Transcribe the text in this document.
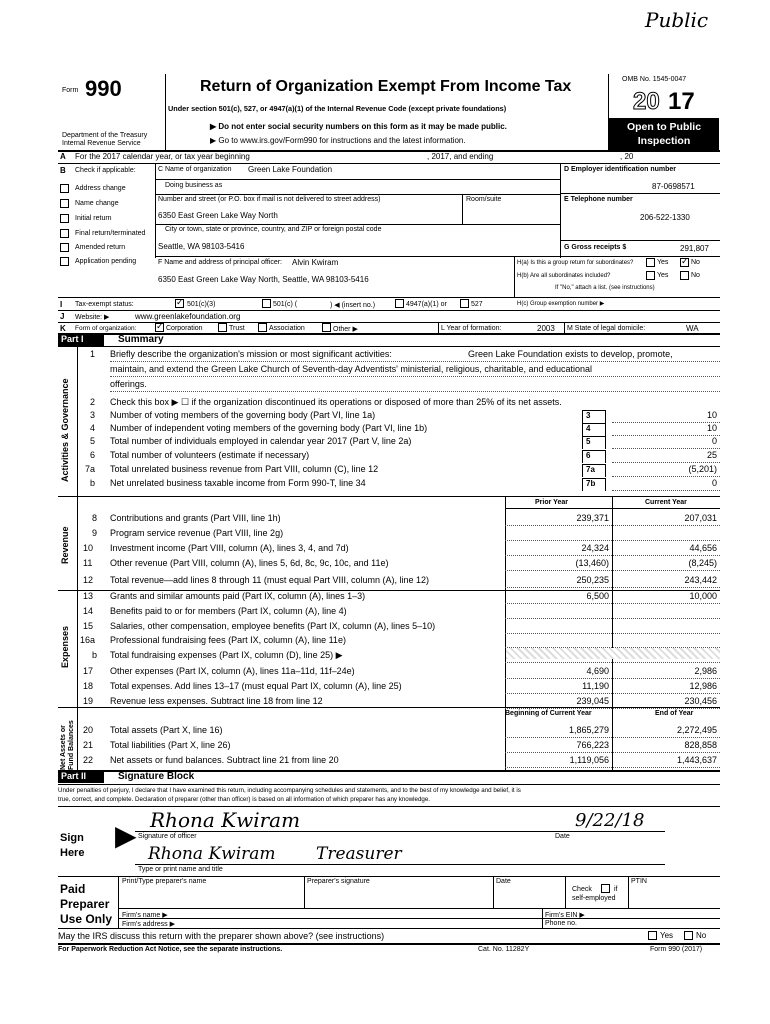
Public
Form 990
Department of the Treasury
Internal Revenue Service
Return of Organization Exempt From Income Tax
Under section 501(c), 527, or 4947(a)(1) of the Internal Revenue Code (except private foundations)
▶ Do not enter social security numbers on this form as it may be made public.
▶ Go to www.irs.gov/Form990 for instructions and the latest information.
OMB No. 1545-0047
20 17
Open to Public
Inspection
A For the 2017 calendar year, or tax year beginning	, 2017, and ending	, 20
B Check if applicable:
Address change
Name change
Initial return
Final return/terminated
Amended return
Application pending
C Name of organization Green Lake Foundation
Doing business as
Number and street (or P.O. box if mail is not delivered to street address)	Room/suite
6350 East Green Lake Way North
City or town, state or province, country, and ZIP or foreign postal code
Seattle, WA 98103-5416
F Name and address of principal officer: Alvin Kwiram
6350 East Green Lake Way North, Seattle, WA 98103-5416
D Employer identification number
87-0698571
E Telephone number
206-522-1330
G Gross receipts $	291,807
H(a) Is this a group return for subordinates?	Yes ✓	No
H(b) Are all subordinates included?	Yes	No
If "No," attach a list. (see instructions)
I Tax-exempt status: ✓	501(c)(3)	501(c) (	) ◀ (insert no.)	4947(a)(1) or	527	H(c) Group exemption number ▶
J Website: ▶	www.greenlakefoundation.org
K Form of organization: ✓	Corporation	Trust	Association	Other ▶	L Year of formation:	2003 M State of legal domicile:	WA
Part I	Summary
Activities & Governance
Revenue
Expenses
Net Assets or Fund Balances
1 Briefly describe the organization's mission or most significant activities:	Green Lake Foundation exists to develop, promote,
maintain, and extend the Green Lake Church of Seventh-day Adventists' ministerial, religious, charitable, and educational
offerings.
Prior Year	Current Year
Beginning of Current Year	End of Year
Part II	Signature Block
Under penalties of perjury, I declare that I have examined this return, including accompanying schedules and statements, and to the best of my knowledge and belief, it is
true, correct, and complete. Declaration of preparer (other than officer) is based on all information of which preparer has any knowledge.
Sign
Here
▶ Rhona Kwiram	9/22/18
Signature of officer	Date
Rhona Kwiram Treasurer
Type or print name and title
Paid
Preparer
Use Only
Print/Type preparer's name	Preparer's signature	Date
Check	if
self-employed
PTIN
Firm's name ▶	Firm's EIN ▶
Firm's address ▶	Phone no.
May the IRS discuss this return with the preparer shown above? (see instructions)	Yes	No
For Paperwork Reduction Act Notice, see the separate instructions.	Cat. No. 11282Y	Form 990 (2017)
2 Check this box ▶ ☐ if the organization discontinued its operations or disposed of more than 25% of its net assets.
3 Number of voting members of the governing body (Part VI, line 1a)	3	10
4 Number of independent voting members of the governing body (Part VI, line 1b)	4	10
5 Total number of individuals employed in calendar year 2017 (Part V, line 2a)	5	0
6 Total number of volunteers (estimate if necessary)	6	25
7a Total unrelated business revenue from Part VIII, column (C), line 12	7a	(5,201)
b Net unrelated business taxable income from Form 990-T, line 34	7b	0
8 Contributions and grants (Part VIII, line 1h)	239,371	207,031
9 Program service revenue (Part VIII, line 2g)
10 Investment income (Part VIII, column (A), lines 3, 4, and 7d)	24,324	44,656
11 Other revenue (Part VIII, column (A), lines 5, 6d, 8c, 9c, 10c, and 11e)	(13,460)	(8,245)
12 Total revenue—add lines 8 through 11 (must equal Part VIII, column (A), line 12)	250,235	243,442
13 Grants and similar amounts paid (Part IX, column (A), lines 1–3)	6,500	10,000
14 Benefits paid to or for members (Part IX, column (A), line 4)
15 Salaries, other compensation, employee benefits (Part IX, column (A), lines 5–10)
16a Professional fundraising fees (Part IX, column (A), line 11e)
b Total fundraising expenses (Part IX, column (D), line 25) ▶
17 Other expenses (Part IX, column (A), lines 11a–11d, 11f–24e)	4,690	2,986
18 Total expenses. Add lines 13–17 (must equal Part IX, column (A), line 25)	11,190	12,986
19 Revenue less expenses. Subtract line 18 from line 12	239,045	230,456
20 Total assets (Part X, line 16)	1,865,279	2,272,495
21 Total liabilities (Part X, line 26)	766,223	828,858
22 Net assets or fund balances. Subtract line 21 from line 20	1,119,056	1,443,637
